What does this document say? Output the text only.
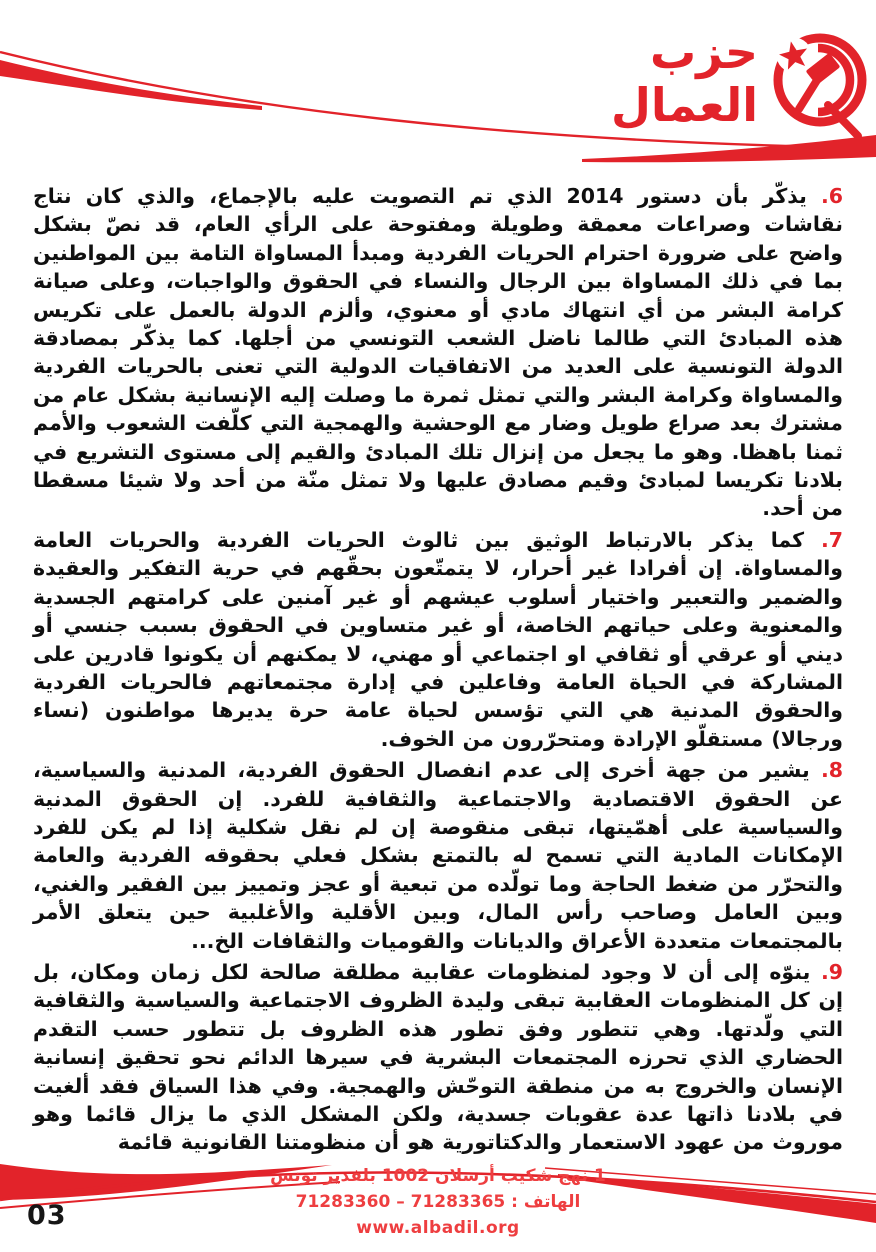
حزب
العمال

6. يذكّر بأن دستور 2014 الذي تم التصويت عليه بالإجماع، والذي كان نتاج نقاشات وصراعات معمقة وطويلة ومفتوحة على الرأي العام، قد نصّ بشكل واضح على ضرورة احترام الحريات الفردية ومبدأ المساواة التامة بين المواطنين بما في ذلك المساواة بين الرجال والنساء في الحقوق والواجبات، وعلى صيانة كرامة البشر من أي انتهاك مادي أو معنوي، وألزم الدولة بالعمل على تكريس هذه المبادئ التي طالما ناضل الشعب التونسي من أجلها. كما يذكّر بمصادقة الدولة التونسية على العديد من الاتفاقيات الدولية التي تعنى بالحريات الفردية والمساواة وكرامة البشر والتي تمثل ثمرة ما وصلت إليه الإنسانية بشكل عام من مشترك بعد صراع طويل وضار مع الوحشية والهمجية التي كلّفت الشعوب والأمم ثمنا باهظا. وهو ما يجعل من إنزال تلك المبادئ والقيم إلى مستوى التشريع في بلادنا تكريسا لمبادئ وقيم مصادق عليها ولا تمثل منّة من أحد ولا شيئا مسقطا من أحد.

7. كما يذكر بالارتباط الوثيق بين ثالوث الحريات الفردية والحريات العامة والمساواة. إن أفرادا غير أحرار، لا يتمتّعون بحقّهم في حرية التفكير والعقيدة والضمير والتعبير واختيار أسلوب عيشهم أو غير آمنين على كرامتهم الجسدية والمعنوية وعلى حياتهم الخاصة، أو غير متساوين في الحقوق بسبب جنسي أو ديني أو عرقي أو ثقافي او اجتماعي أو مهني، لا يمكنهم أن يكونوا قادرين على المشاركة في الحياة العامة وفاعلين في إدارة مجتمعاتهم فالحريات الفردية والحقوق المدنية هي التي تؤسس لحياة عامة حرة يديرها مواطنون (نساء ورجالا) مستقلّو الإرادة ومتحرّرون من الخوف.

8. يشير من جهة أخرى إلى عدم انفصال الحقوق الفردية، المدنية والسياسية، عن الحقوق الاقتصادية والاجتماعية والثقافية للفرد. إن الحقوق المدنية والسياسية على أهمّيتها، تبقى منقوصة إن لم نقل شكلية إذا لم يكن للفرد الإمكانات المادية التي تسمح له بالتمتع بشكل فعلي بحقوقه الفردية والعامة والتحرّر من ضغط الحاجة وما تولّده من تبعية أو عجز وتمييز بين الفقير والغني، وبين العامل وصاحب رأس المال، وبين الأقلية والأغلبية حين يتعلق الأمر بالمجتمعات متعددة الأعراق والديانات والقوميات والثقافات الخ...

9. ينوّه إلى أن لا وجود لمنظومات عقابية مطلقة صالحة لكل زمان ومكان، بل إن كل المنظومات العقابية تبقى وليدة الظروف الاجتماعية والسياسية والثقافية التي ولّدتها. وهي تتطور وفق تطور هذه الظروف بل تتطور حسب التقدم الحضاري الذي تحرزه المجتمعات البشرية في سيرها الدائم نحو تحقيق إنسانية الإنسان والخروج به من منطقة التوحّش والهمجية. وفي هذا السياق فقد ألغيت في بلادنا ذاتها عدة عقوبات جسدية، ولكن المشكل الذي ما يزال قائما وهو موروث من عهود الاستعمار والدكتاتورية هو أن منظومتنا القانونية قائمة

1 نهج شكيب أرسلان 1002 بلفدير تونس
الهاتف : 71283365 – 71283360
www.albadil.org
03
